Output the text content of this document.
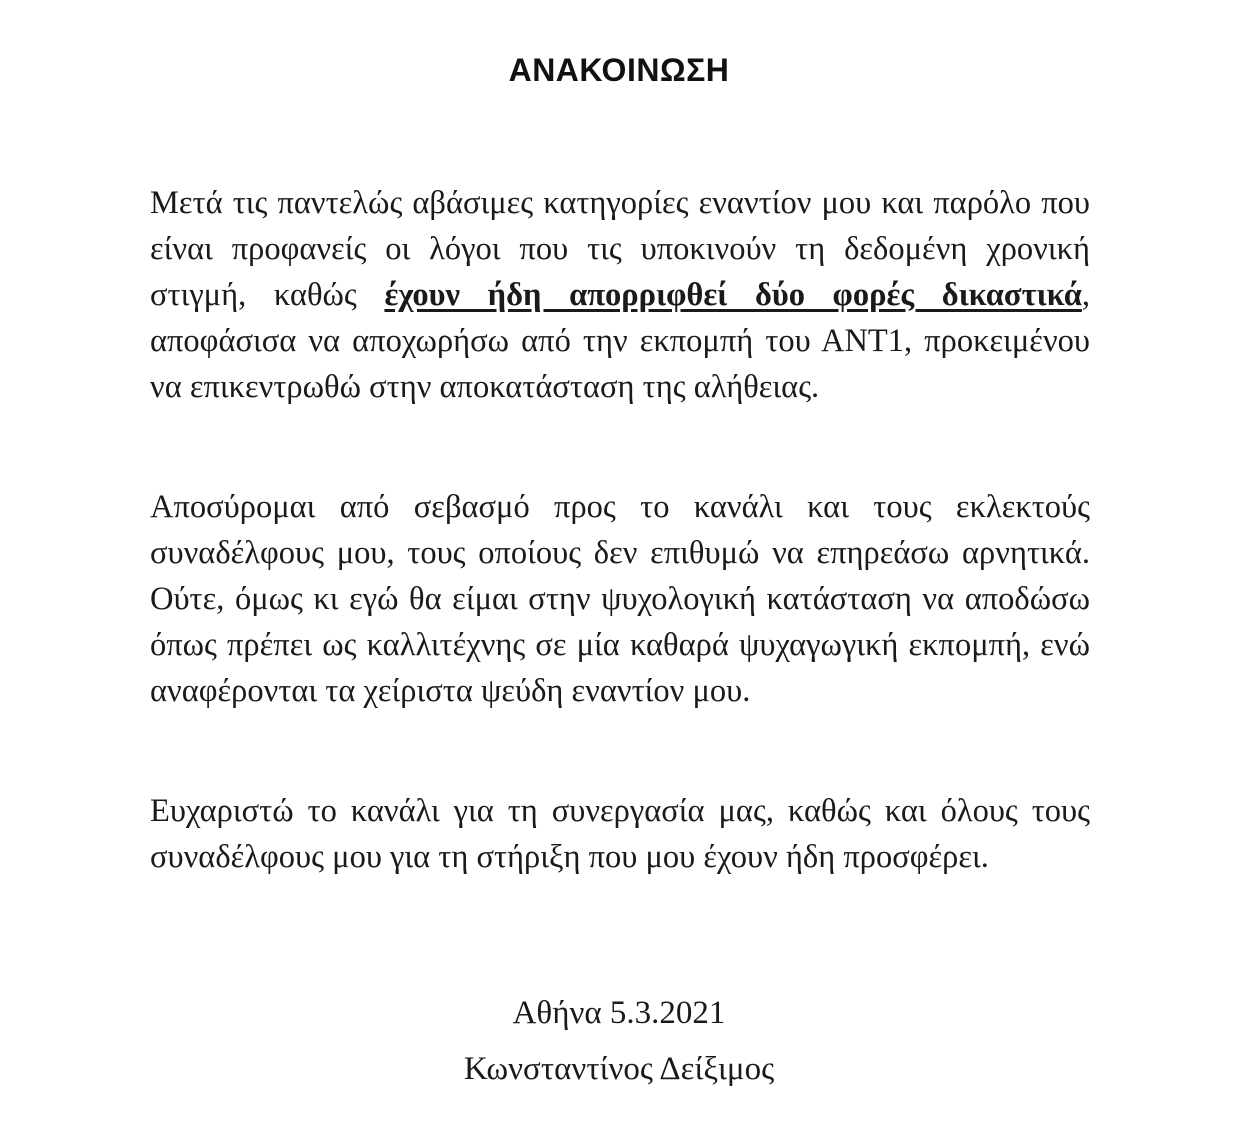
ΑΝΑΚΟΙΝΩΣΗ
Μετά τις παντελώς αβάσιμες κατηγορίες εναντίον μου και παρόλο που είναι προφανείς οι λόγοι που τις υποκινούν τη δεδομένη χρονική στιγμή, καθώς έχουν ήδη απορριφθεί δύο φορές δικαστικά, αποφάσισα να αποχωρήσω από την εκπομπή του ΑΝΤ1, προκειμένου να επικεντρωθώ στην αποκατάσταση της αλήθειας.
Αποσύρομαι από σεβασμό προς το κανάλι και τους εκλεκτούς συναδέλφους μου, τους οποίους δεν επιθυμώ να επηρεάσω αρνητικά. Ούτε, όμως κι εγώ θα είμαι στην ψυχολογική κατάσταση να αποδώσω όπως πρέπει ως καλλιτέχνης σε μία καθαρά ψυχαγωγική εκπομπή, ενώ αναφέρονται τα χείριστα ψεύδη εναντίον μου.
Ευχαριστώ το κανάλι για τη συνεργασία μας, καθώς και όλους τους συναδέλφους μου για τη στήριξη που μου έχουν ήδη προσφέρει.
Αθήνα 5.3.2021
Κωνσταντίνος Δείξιμος
